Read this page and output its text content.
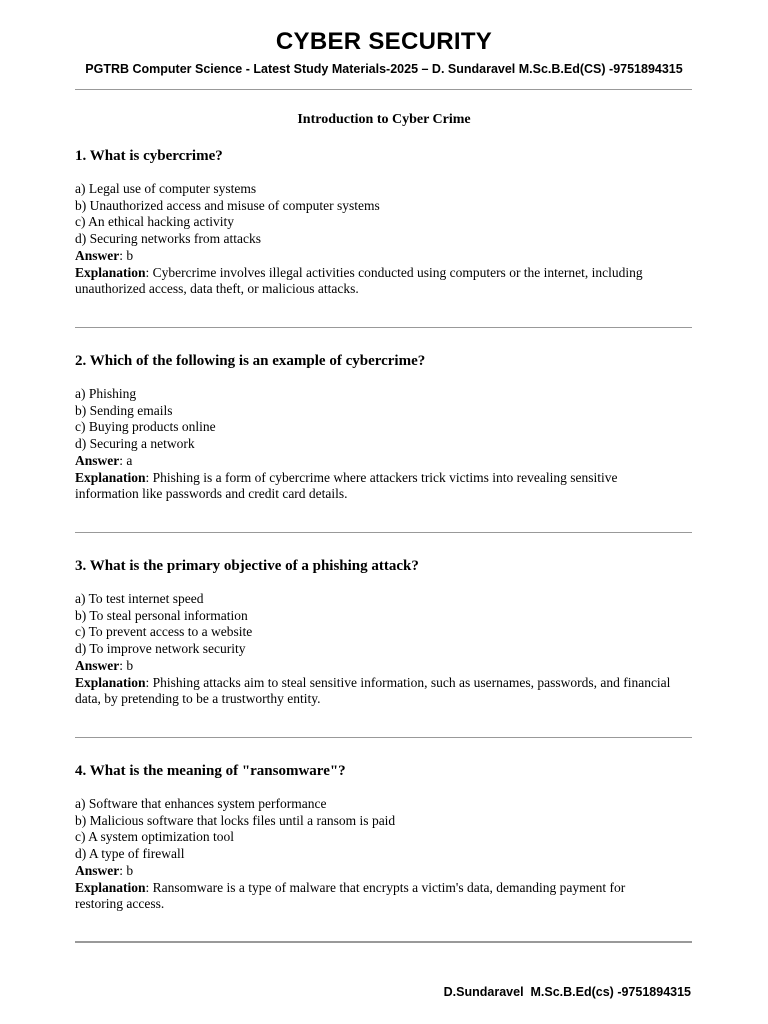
CYBER SECURITY
PGTRB Computer Science - Latest Study Materials-2025 – D. Sundaravel M.Sc.B.Ed(CS) -9751894315
Introduction to Cyber Crime
1. What is cybercrime?
a) Legal use of computer systems
b) Unauthorized access and misuse of computer systems
c) An ethical hacking activity
d) Securing networks from attacks
Answer: b
Explanation: Cybercrime involves illegal activities conducted using computers or the internet, including unauthorized access, data theft, or malicious attacks.
2. Which of the following is an example of cybercrime?
a) Phishing
b) Sending emails
c) Buying products online
d) Securing a network
Answer: a
Explanation: Phishing is a form of cybercrime where attackers trick victims into revealing sensitive information like passwords and credit card details.
3. What is the primary objective of a phishing attack?
a) To test internet speed
b) To steal personal information
c) To prevent access to a website
d) To improve network security
Answer: b
Explanation: Phishing attacks aim to steal sensitive information, such as usernames, passwords, and financial data, by pretending to be a trustworthy entity.
4. What is the meaning of "ransomware"?
a) Software that enhances system performance
b) Malicious software that locks files until a ransom is paid
c) A system optimization tool
d) A type of firewall
Answer: b
Explanation: Ransomware is a type of malware that encrypts a victim's data, demanding payment for restoring access.
D.Sundaravel  M.Sc.B.Ed(cs) -9751894315
